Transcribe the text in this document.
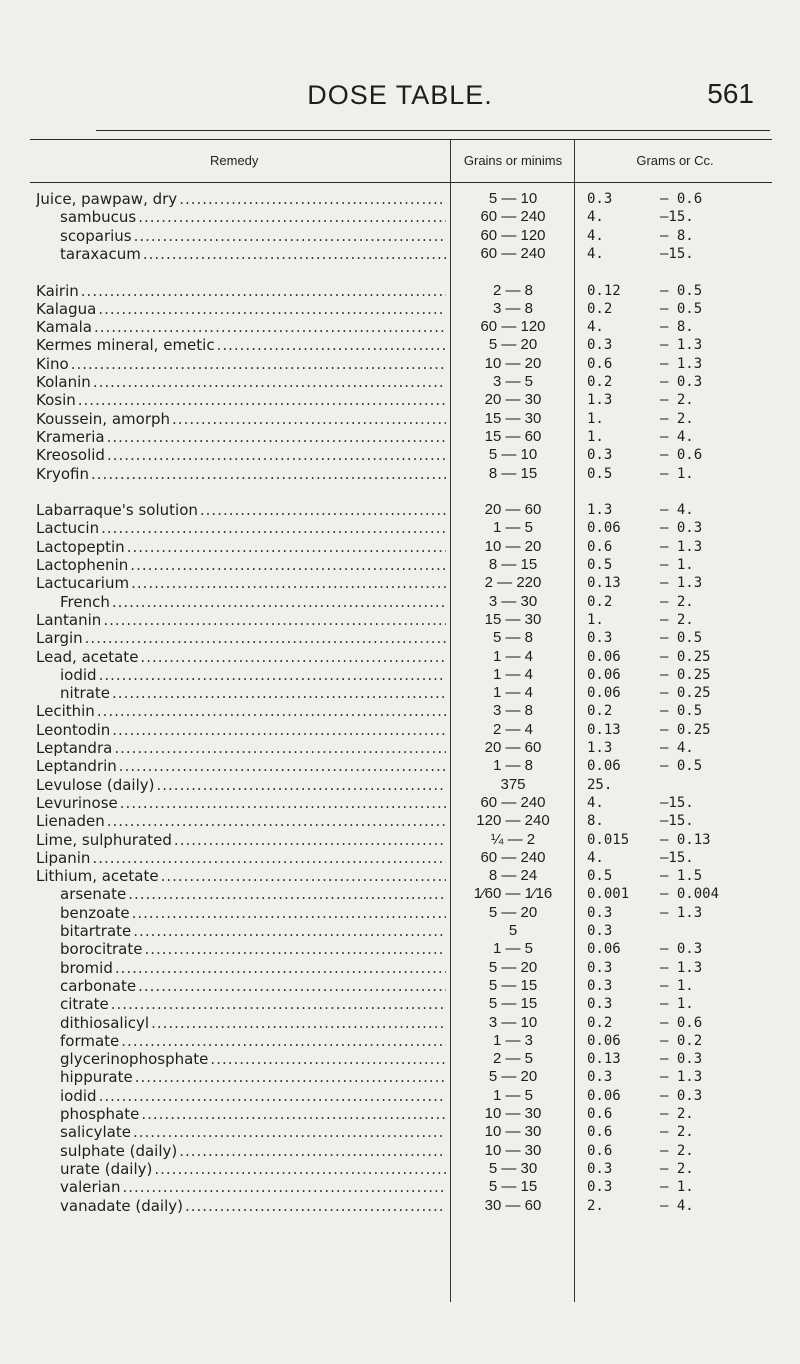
DOSE TABLE.	561
Remedy	Grains or minims	Grams or Cc.
Juice, pawpaw, dry .....	5 — 10	0.3	— 0.6
sambucus .....	60 — 240	4.	—15.
scoparius .....	60 — 120	4.	— 8.
taraxacum .....	60 — 240	4.	—15.
Kairin .....	2 — 8	0.12	— 0.5
Kalagua .....	3 — 8	0.2	— 0.5
Kamala .....	60 — 120	4.	— 8.
Kermes mineral, emetic .....	5 — 20	0.3	— 1.3
Kino .....	10 — 20	0.6	— 1.3
Kolanin .....	3 — 5	0.2	— 0.3
Kosin .....	20 — 30	1.3	— 2.
Koussein, amorph .....	15 — 30	1.	— 2.
Krameria .....	15 — 60	1.	— 4.
Kreosolid .....	5 — 10	0.3	— 0.6
Kryofin .....	8 — 15	0.5	— 1.
Labarraque's solution .....	20 — 60	1.3	— 4.
Lactucin .....	1 — 5	0.06	— 0.3
Lactopeptin .....	10 — 20	0.6	— 1.3
Lactophenin .....	8 — 15	0.5	— 1.
Lactucarium .....	2 — 220	0.13	— 1.3
French .....	3 — 30	0.2	— 2.
Lantanin .....	15 — 30	1.	— 2.
Largin .....	5 — 8	0.3	— 0.5
Lead, acetate .....	1 — 4	0.06	— 0.25
iodid .....	1 — 4	0.06	— 0.25
nitrate .....	1 — 4	0.06	— 0.25
Lecithin .....	3 — 8	0.2	— 0.5
Leontodin .....	2 — 4	0.13	— 0.25
Leptandra .....	20 — 60	1.3	— 4.
Leptandrin .....	1 — 8	0.06	— 0.5
Levulose (daily) .....	375	25.
Levurinose .....	60 — 240	4.	—15.
Lienaden .....	120 — 240	8.	—15.
Lime, sulphurated .....	¼ — 2	0.015 — 0.13
Lipanin .....	60 — 240	4.	—15.
Lithium, acetate .....	8 — 24	0.5	— 1.5
arsenate .....	1⁄60 — 1⁄16	0.001 — 0.004
benzoate .....	5 — 20	0.3	— 1.3
bitartrate .....	5	0.3
borocitrate .....	1 — 5	0.06	— 0.3
bromid .....	5 — 20	0.3	— 1.3
carbonate .....	5 — 15	0.3	— 1.
citrate .....	5 — 15	0.3	— 1.
dithiosalicyl .....	3 — 10	0.2	— 0.6
formate .....	1 — 3	0.06	— 0.2
glycerinophosphate .....	2 — 5	0.13	— 0.3
hippurate .....	5 — 20	0.3	— 1.3
iodid .....	1 — 5	0.06	— 0.3
phosphate .....	10 — 30	0.6	— 2.
salicylate .....	10 — 30	0.6	— 2.
sulphate (daily) .....	10 — 30	0.6	— 2.
urate (daily) .....	5 — 30	0.3	— 2.
valerian .....	5 — 15	0.3	— 1.
vanadate (daily) .....	30 — 60	2.	— 4.
